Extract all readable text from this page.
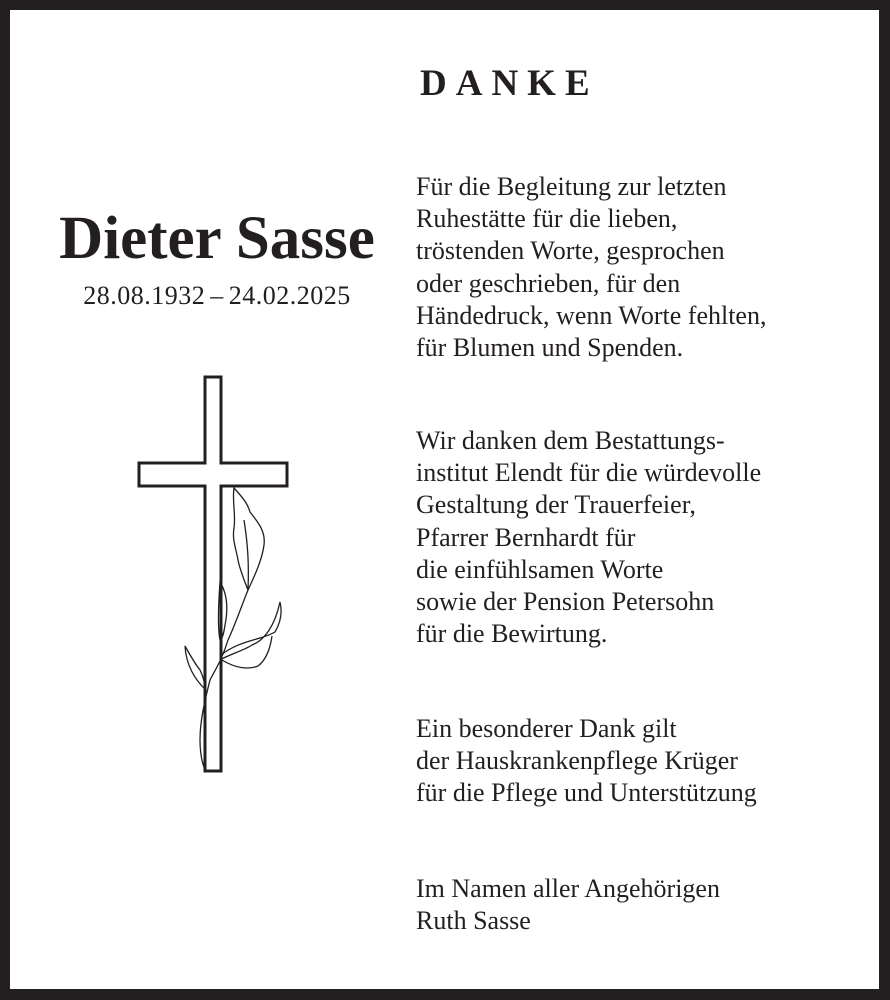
DANKE
Dieter Sasse
28.08.1932 – 24.02.2025
Für die Begleitung zur letzten
Ruhestätte für die lieben,
tröstenden Worte, gesprochen
oder geschrieben, für den
Händedruck, wenn Worte fehlten,
für Blumen und Spenden.
Wir danken dem Bestattungs-
institut Elendt für die würdevolle
Gestaltung der Trauerfeier,
Pfarrer Bernhardt für
die einfühlsamen Worte
sowie der Pension Petersohn
für die Bewirtung.
Ein besonderer Dank gilt
der Hauskrankenpflege Krüger
für die Pflege und Unterstützung
Im Namen aller Angehörigen
Ruth Sasse
